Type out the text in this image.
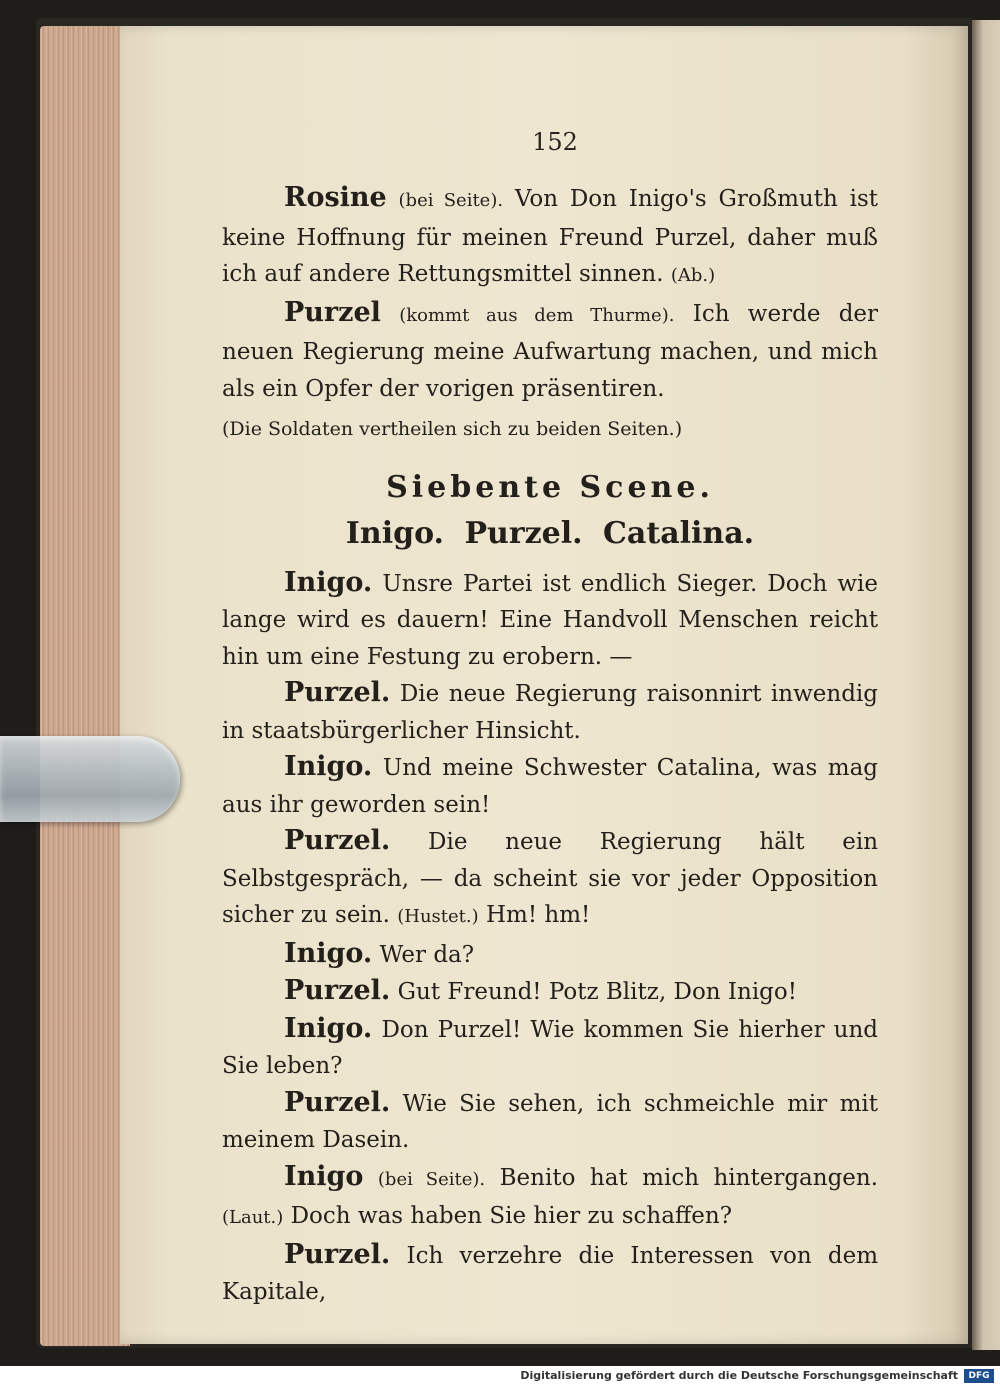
152

Rosine (bei Seite). Von Don Inigo's Großmuth ist keine Hoffnung für meinen Freund Purzel, daher muß ich auf andere Rettungsmittel sinnen. (Ab.)

Purzel (kommt aus dem Thurme). Ich werde der neuen Regierung meine Aufwartung machen, und mich als ein Opfer der vorigen präsentiren.

(Die Soldaten vertheilen sich zu beiden Seiten.)

Siebente Scene.
Inigo. Purzel. Catalina.

Inigo. Unsre Partei ist endlich Sieger. Doch wie lange wird es dauern! Eine Handvoll Menschen reicht hin um eine Festung zu erobern. —

Purzel. Die neue Regierung raisonnirt inwendig in staatsbürgerlicher Hinsicht.

Inigo. Und meine Schwester Catalina, was mag aus ihr geworden sein!

Purzel. Die neue Regierung hält ein Selbstgespräch, — da scheint sie vor jeder Opposition sicher zu sein. (Hustet.) Hm! hm!

Inigo. Wer da?

Purzel. Gut Freund! Potz Blitz, Don Inigo!

Inigo. Don Purzel! Wie kommen Sie hierher und Sie leben?

Purzel. Wie Sie sehen, ich schmeichle mir mit meinem Dasein.

Inigo (bei Seite). Benito hat mich hintergangen. (Laut.) Doch was haben Sie hier zu schaffen?

Purzel. Ich verzehre die Interessen von dem Kapitale,

Digitalisierung gefördert durch die Deutsche Forschungsgemeinschaft	DFG
